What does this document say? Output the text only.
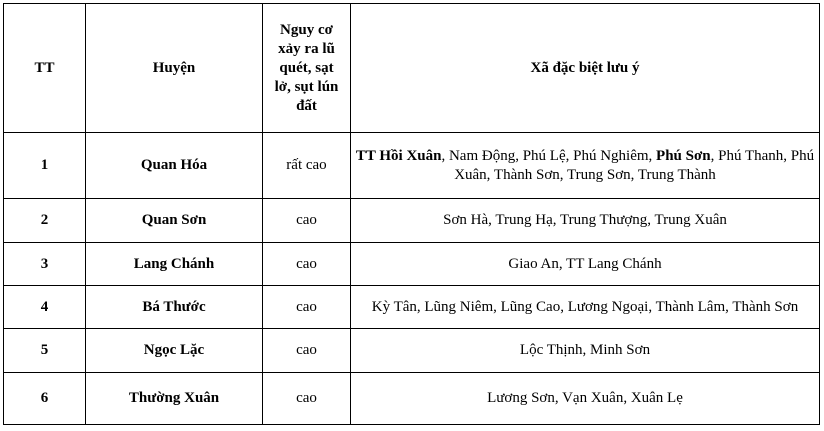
TT	Huyện	Nguy cơ xảy ra lũ quét, sạt lở, sụt lún đất	Xã đặc biệt lưu ý
1	Quan Hóa	rất cao	TT Hồi Xuân, Nam Động, Phú Lệ, Phú Nghiêm, Phú Sơn, Phú Thanh, Phú Xuân, Thành Sơn, Trung Sơn, Trung Thành
2	Quan Sơn	cao	Sơn Hà, Trung Hạ, Trung Thượng, Trung Xuân
3	Lang Chánh	cao	Giao An, TT Lang Chánh
4	Bá Thước	cao	Kỳ Tân, Lũng Niêm, Lũng Cao, Lương Ngoại, Thành Lâm, Thành Sơn
5	Ngọc Lặc	cao	Lộc Thịnh, Minh Sơn
6	Thường Xuân	cao	Lương Sơn, Vạn Xuân, Xuân Lẹ
